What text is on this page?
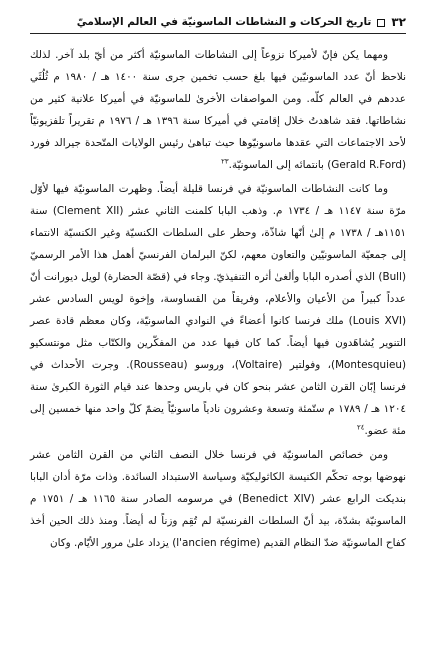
٣٢
تاريخ الحركات و النشاطات الماسونيّة في العالم الإسلاميّ

ومهما يكن فإنّ لأميركا نزوعاً إلى النشاطات الماسونيّة أكثر من أيّ بلد آخر. لذلك نلاحظ أنّ عدد الماسونيّين فيها بلغ حسب تخمين جرى سنة ١٤٠٠ هـ / ١٩٨٠ م ثُلُثَي عددهم في العالم كلّه. ومن المواصفات الأخرىٰ للماسونيّة في أميركا علانية كثير من نشاطاتها. فقد شاهدتُ خلال إقامتي في أميركا سنة ١٣٩٦ هـ / ١٩٧٦ م تقريراً تلفزيونيّاً لأحد الاجتماعات التي عقدها ماسونيّوها حيث تباهىٰ رئيس الولايات المتّحدة جيرالد فورد (Gerald R.Ford) بانتمائه إلى الماسونيّة.$^{٢٣}$

وما كانت النشاطات الماسونيّة في فرنسا قليلة أيضاً. وظهرت الماسونيّة فيها لأوّل مرّة سنة ١١٤٧ هـ / ١٧٣٤ م. وذهب البابا كلمنت الثاني عشر (Clement XII) سنة ١١٥١هـ / ١٧٣٨ م إلىٰ أنّها شاذّة، وحظر على السلطات الكنسيّة وغير الكنسيّة الانتماء إلى جمعيّة الماسونيّين والتعاون معهم، لكنّ البرلمان الفرنسيّ أهمل هذا الأمر الرسميّ (Bull) الذي أصدره البابا وألغىٰ أثره التنفيذيّ. وجاء في (قصّة الحضارة) لويل ديورانت أنّ عدداً كبيراً من الأعيان والأعلام، وفريقاً من القساوسة، وإخوة لويس السادس عشر (Louis XVI) ملك فرنسا كانوا أعضاءً في النوادي الماسونيّة، وكان معظم قادة عصر التنوير يُشاهَدون فيها أيضاً. كما كان فيها عدد من المفكّرين والكتّاب مثل مونتسكيو (Montesquieu)، وفولتير (Voltaire)، وروسو (Rousseau). وجرت الأحداث في فرنسا إبّان القرن الثامن عشر بنحو كان في باريس وحدها عند قيام الثورة الكبرىٰ سنة ١٢٠٤ هـ / ١٧٨٩ م ستّمئة وتسعة وعشرون نادياً ماسونيّاً يضمّ كلّ واحد منها خمسين إلى مئة عضو.$^{٢٤}$

ومن خصائص الماسونيّة في فرنسا خلال النصف الثاني من القرن الثامن عشر نهوضها بوجه تحكّم الكنيسة الكاثوليكيّة وسياسة الاستبداد السائدة. وذات مرّة أدان البابا بنديكت الرابع عشر (Benedict XIV) في مرسومه الصادر سنة ١١٦٥ هـ / ١٧٥١ م الماسونيّة بشدّة، بيد أنّ السلطات الفرنسيّة لم تُقِم وزناً له أيضاً. ومنذ ذلك الحين أخذ كفاح الماسونيّة ضدّ النظام القديم (l'ancien régime) يزداد علىٰ مرور الأيّام. وكان
